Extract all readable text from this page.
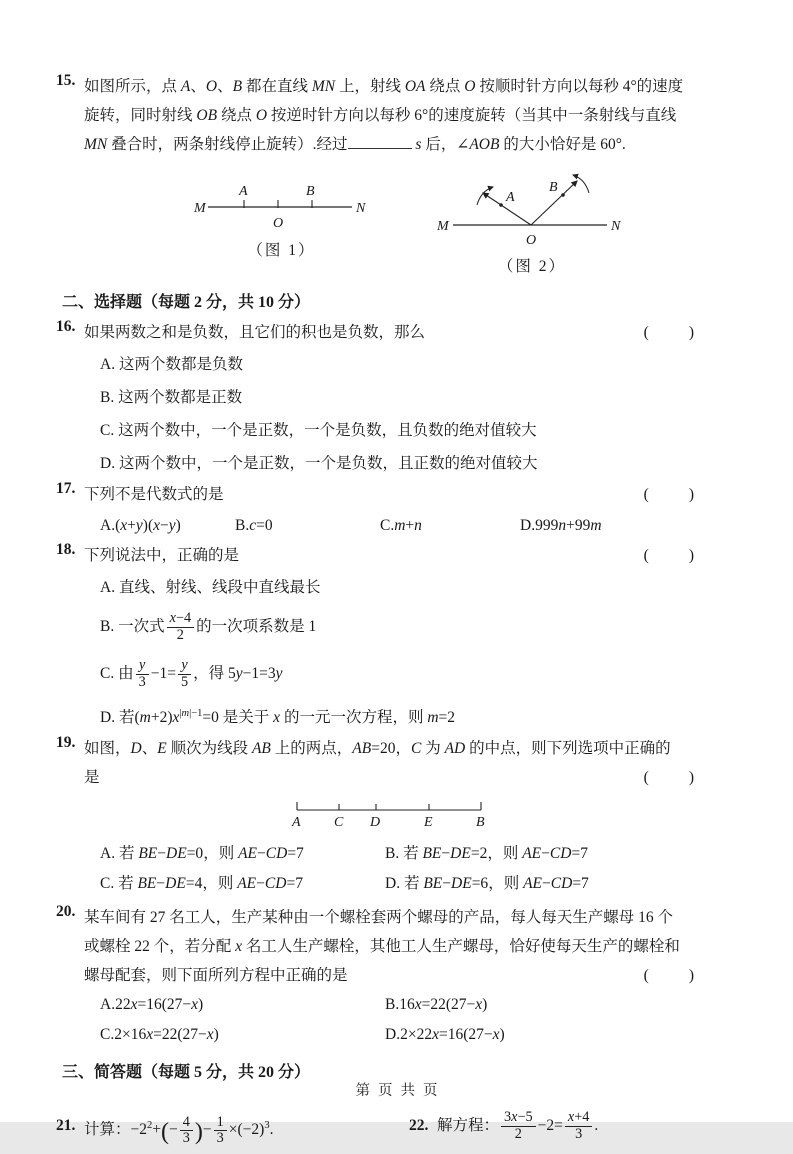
15. 如图所示，点 A、O、B 都在直线 MN 上，射线 OA 绕点 O 按顺时针方向以每秒 4°的速度
旋转，同时射线 OB 绕点 O 按逆时针方向以每秒 6°的速度旋转（当其中一条射线与直线
MN 叠合时，两条射线停止旋转）.经过	s 后，∠AOB 的大小恰好是 60°.
M
A
O
B
N
（图 1）
M
A
O
B
N
（图 2）
二、选择题（每题 2 分，共 10 分）
16. 如果两数之和是负数，且它们的积也是负数，那么	(        )
A. 这两个数都是负数
B. 这两个数都是正数
C. 这两个数中，一个是正数，一个是负数，且负数的绝对值较大
D. 这两个数中，一个是正数，一个是负数，且正数的绝对值较大
17. 下列不是代数式的是	(        )
A.(x+y)(x−y)	B.c=0	C.m+n	D.999n+99m
18. 下列说法中，正确的是	(        )
A. 直线、射线、线段中直线最长
B. 一次式 $\frac{x-4}{2}$ 的一次项系数是 1
C. 由 $\frac{y}{3} -1= \frac{y}{5}$ ，得 5y−1=3y
D. 若$(m+2)x^{|m|-1}=0$ 是关于 x 的一元一次方程，则 m=2
19. 如图，D、E 顺次为线段 AB 上的两点，AB=20，C 为 AD 的中点，则下列选项中正确的
是	(        )
A C D	E	B
A. 若 BE−DE=0，则 AE−CD=7	B. 若 BE−DE=2，则 AE−CD=7
C. 若 BE−DE=4，则 AE−CD=7	D. 若 BE−DE=6，则 AE−CD=7
20. 某车间有 27 名工人，生产某种由一个螺栓套两个螺母的产品，每人每天生产螺母 16 个
或螺栓 22 个，若分配 x 名工人生产螺栓，其他工人生产螺母，恰好使每天生产的螺栓和
螺母配套，则下面所列方程中正确的是	(        )
A.22x=16(27−x)	B.16x=22(27−x)
C.2×16x=22(27−x)	D.2×22x=16(27−x)
三、简答题（每题 5 分，共 20 分）
21. 计算：$-2^2+(- \frac{4}{3}$ )− $\frac{1}{3} \times(-2)^3$.	22. 解方程： $\frac{3x-5}{2} -2= \frac{x+4}{3}$ .
第页共页
